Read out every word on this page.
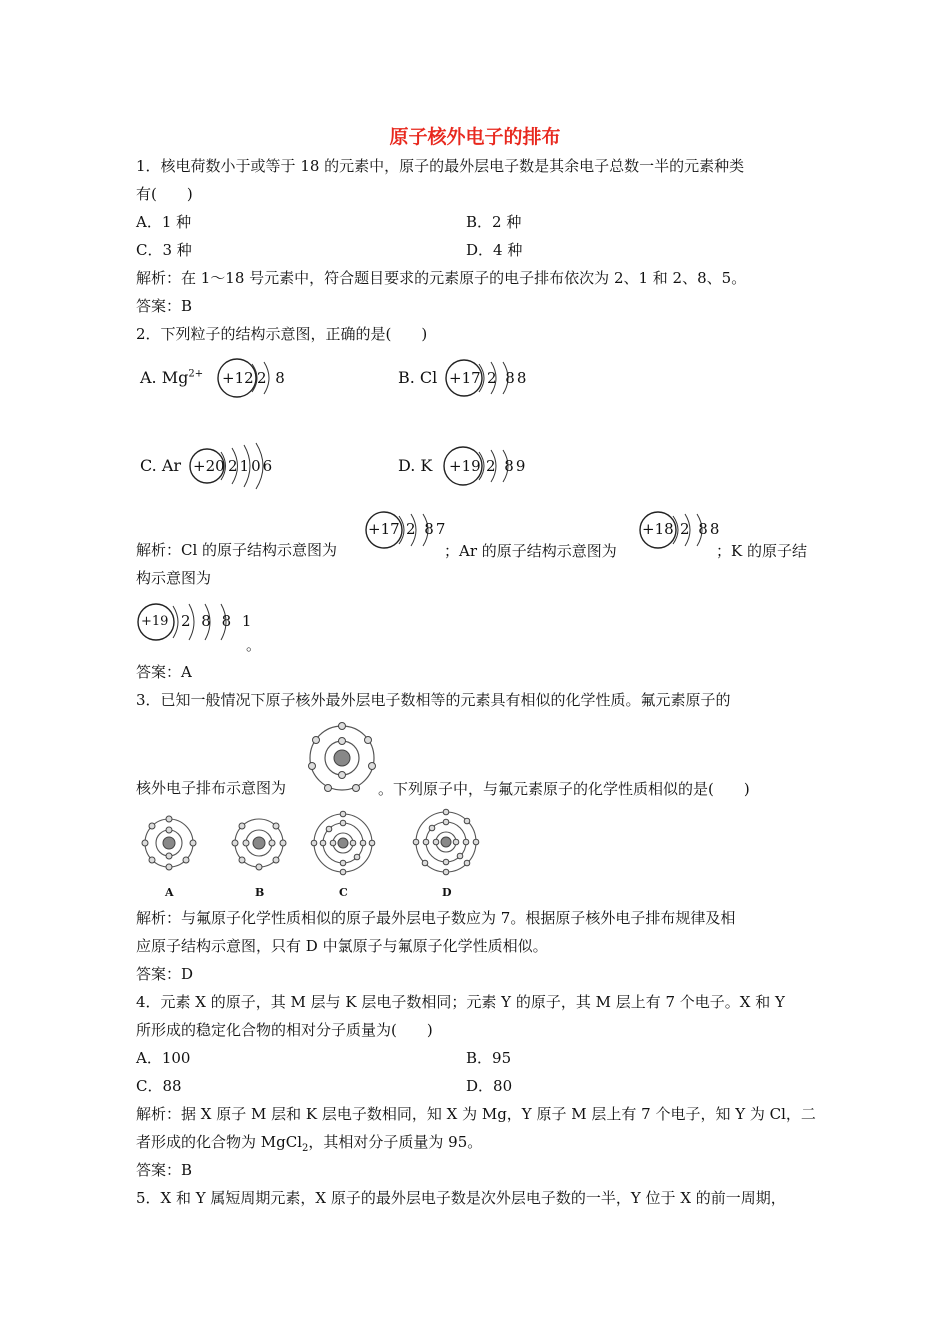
原子核外电子的排布
1．核电荷数小于或等于 18 的元素中，原子的最外层电子数是其余电子总数一半的元素种类
有(　　)
A．1 种	B．2 种
C．3 种	D．4 种
解析：在 1～18 号元素中，符合题目要求的元素原子的电子排布依次为 2、1 和 2、8、5。
答案：B
2．下列粒子的结构示意图，正确的是(　　)
A. $Mg^{2+} +12$ 2 8	B. Cl +17 2 88
C. Ar +20 2106	D. K +19 2 89
解析：Cl 的原子结构示意图为
+17 2 87
；Ar 的原子结构示意图为
+18 2 88
；K 的原子结
构示意图为
+19 2 8 8 1
。
答案：A
3．已知一般情况下原子核外最外层电子数相等的元素具有相似的化学性质。氟元素原子的
核外电子排布示意图为	。下列原子中，与氟元素原子的化学性质相似的是(　　)
A	B	C	D
解析：与氟原子化学性质相似的原子最外层电子数应为 7。根据原子核外电子排布规律及相
应原子结构示意图，只有 D 中氯原子与氟原子化学性质相似。
答案：D
4．元素 X 的原子，其 M 层与 K 层电子数相同；元素 Y 的原子，其 M 层上有 7 个电子。X 和 Y
所形成的稳定化合物的相对分子质量为(　　)
A．100	B．95
C．88	D．80
解析：据 X 原子 M 层和 K 层电子数相同，知 X 为 Mg，Y 原子 M 层上有 7 个电子，知 Y 为 Cl，二
者形成的化合物为 MgCl$_2$，其相对分子质量为 95。
答案：B
5．X 和 Y 属短周期元素，X 原子的最外层电子数是次外层电子数的一半，Y 位于 X 的前一周期，
